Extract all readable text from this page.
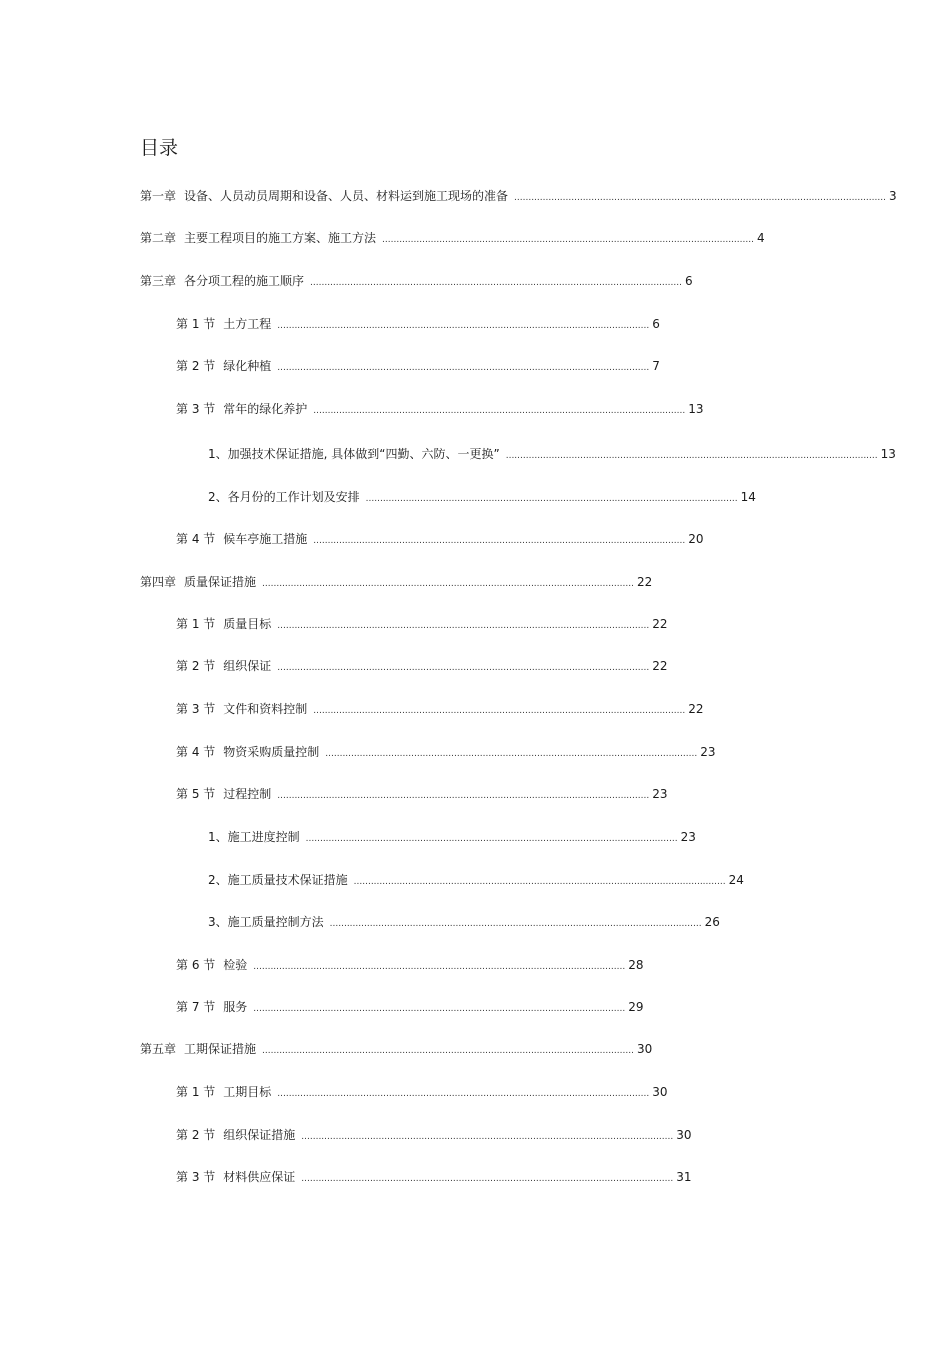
目录
第一章 设备、人员动员周期和设备、人员、材料运到施工现场的准备 .................................................................................................................................. 3
第二章 主要工程项目的施工方案、施工方法 .................................................................................................................................. 4
第三章 各分项工程的施工顺序 .................................................................................................................................. 6
第 1 节 土方工程 .................................................................................................................................. 6
第 2 节 绿化种植 .................................................................................................................................. 7
第 3 节 常年的绿化养护 .................................................................................................................................. 13
1、 加强技术保证措施, 具体做到“四勤、六防、一更换” .................................................................................................................................. 13
2、 各月份的工作计划及安排 .................................................................................................................................. 14
第 4 节 候车亭施工措施 .................................................................................................................................. 20
第四章 质量保证措施 .................................................................................................................................. 22
第 1 节 质量目标 .................................................................................................................................. 22
第 2 节 组织保证 .................................................................................................................................. 22
第 3 节 文件和资料控制 .................................................................................................................................. 22
第 4 节 物资采购质量控制 .................................................................................................................................. 23
第 5 节 过程控制 .................................................................................................................................. 23
1、 施工进度控制 .................................................................................................................................. 23
2、 施工质量技术保证措施 .................................................................................................................................. 24
3、 施工质量控制方法 .................................................................................................................................. 26
第 6 节 检验 .................................................................................................................................. 28
第 7 节 服务 .................................................................................................................................. 29
第五章 工期保证措施 .................................................................................................................................. 30
第 1 节 工期目标 .................................................................................................................................. 30
第 2 节 组织保证措施 .................................................................................................................................. 30
第 3 节 材料供应保证 .................................................................................................................................. 31
